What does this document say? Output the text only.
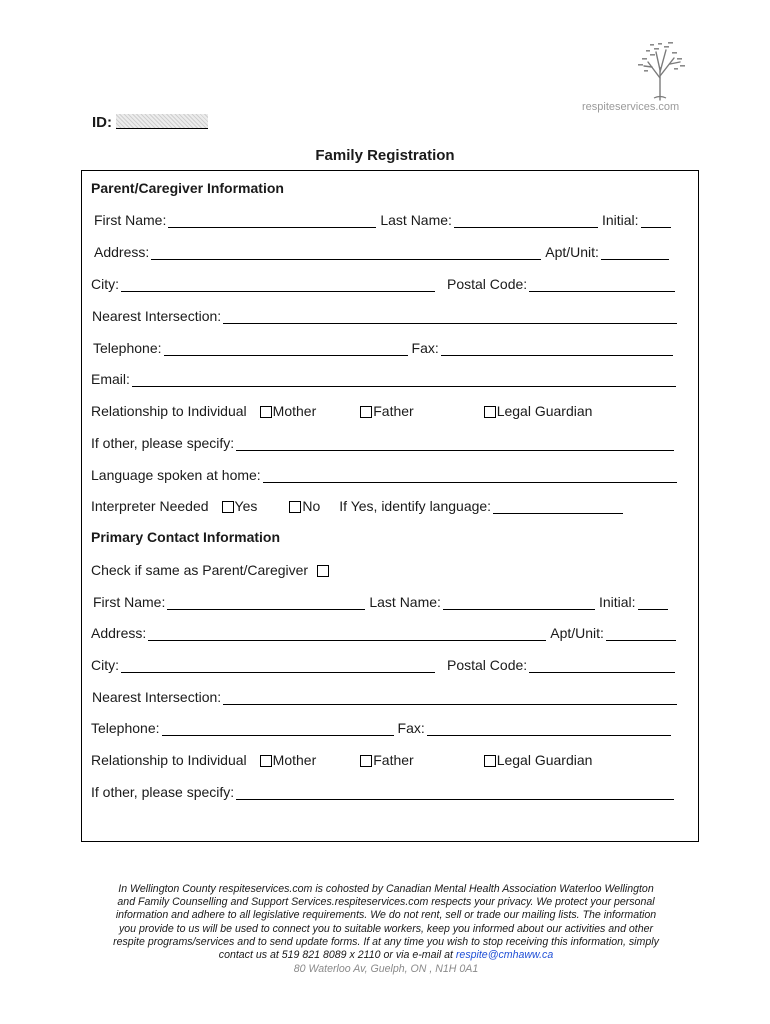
respiteservices.com
ID:
Family Registration
Parent/Caregiver Information
First Name:	Last Name:	Initial:
Address:	Apt/Unit:
City:	Postal Code:
Nearest Intersection:
Telephone:	Fax:
Email:
Relationship to Individual Mother	Father	Legal Guardian
If other, please specify:
Language spoken at home:
Interpreter Needed Yes	No If Yes, identify language:
Primary Contact Information
Check if same as Parent/Caregiver
First Name:	Last Name:	Initial:
Address:	Apt/Unit:
City:	Postal Code:
Nearest Intersection:
Telephone:	Fax:
Relationship to Individual Mother	Father	Legal Guardian
If other, please specify:
In Wellington County respiteservices.com is cohosted by Canadian Mental Health Association Waterloo Wellington
and Family Counselling and Support Services.respiteservices.com respects your privacy. We protect your personal
information and adhere to all legislative requirements. We do not rent, sell or trade our mailing lists. The information
you provide to us will be used to connect you to suitable workers, keep you informed about our activities and other
respite programs/services and to send update forms. If at any time you wish to stop receiving this information, simply
contact us at 519 821 8089 x 2110 or via e-mail at respite@cmhaww.ca
80 Waterloo Av, Guelph, ON , N1H 0A1
